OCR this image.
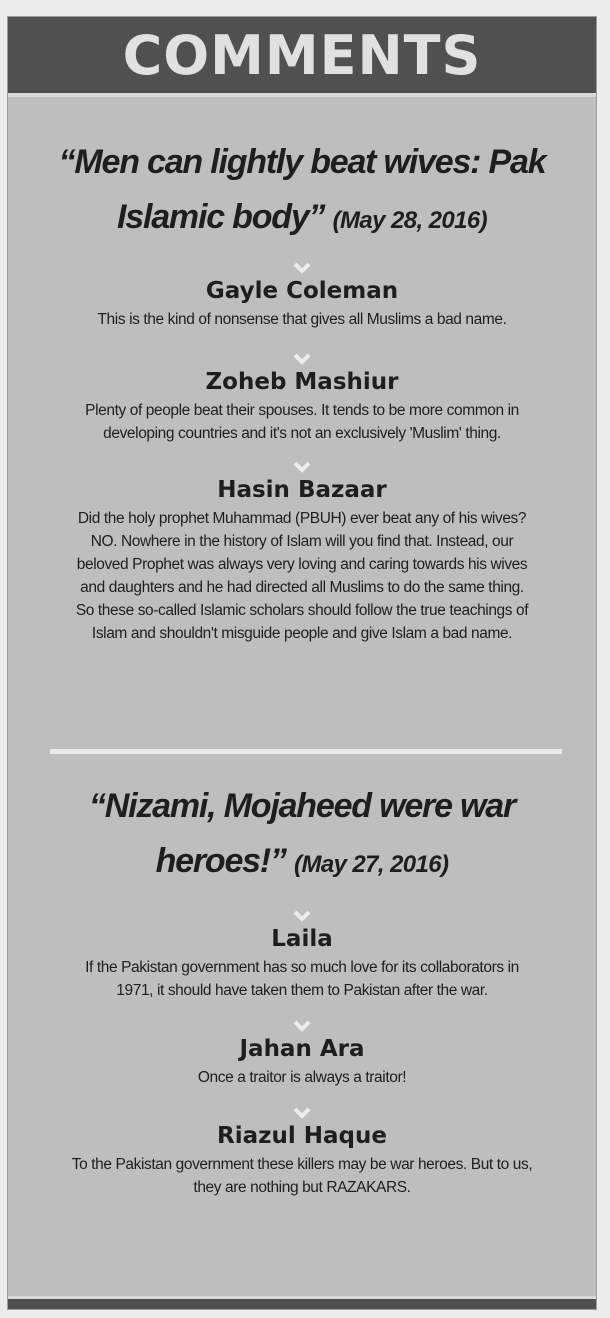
COMMENTS
“Men can lightly beat wives: Pak
Islamic body” (May 28, 2016)
Gayle Coleman
This is the kind of nonsense that gives all Muslims a bad name.
Zoheb Mashiur
Plenty of people beat their spouses. It tends to be more common in
developing countries and it's not an exclusively 'Muslim' thing.
Hasin Bazaar
Did the holy prophet Muhammad (PBUH) ever beat any of his wives?
NO. Nowhere in the history of Islam will you find that. Instead, our
beloved Prophet was always very loving and caring towards his wives
and daughters and he had directed all Muslims to do the same thing.
So these so-called Islamic scholars should follow the true teachings of
Islam and shouldn't misguide people and give Islam a bad name.
“Nizami, Mojaheed were war
heroes!” (May 27, 2016)
Laila
If the Pakistan government has so much love for its collaborators in
1971, it should have taken them to Pakistan after the war.
Jahan Ara
Once a traitor is always a traitor!
Riazul Haque
To the Pakistan government these killers may be war heroes. But to us,
they are nothing but RAZAKARS.
